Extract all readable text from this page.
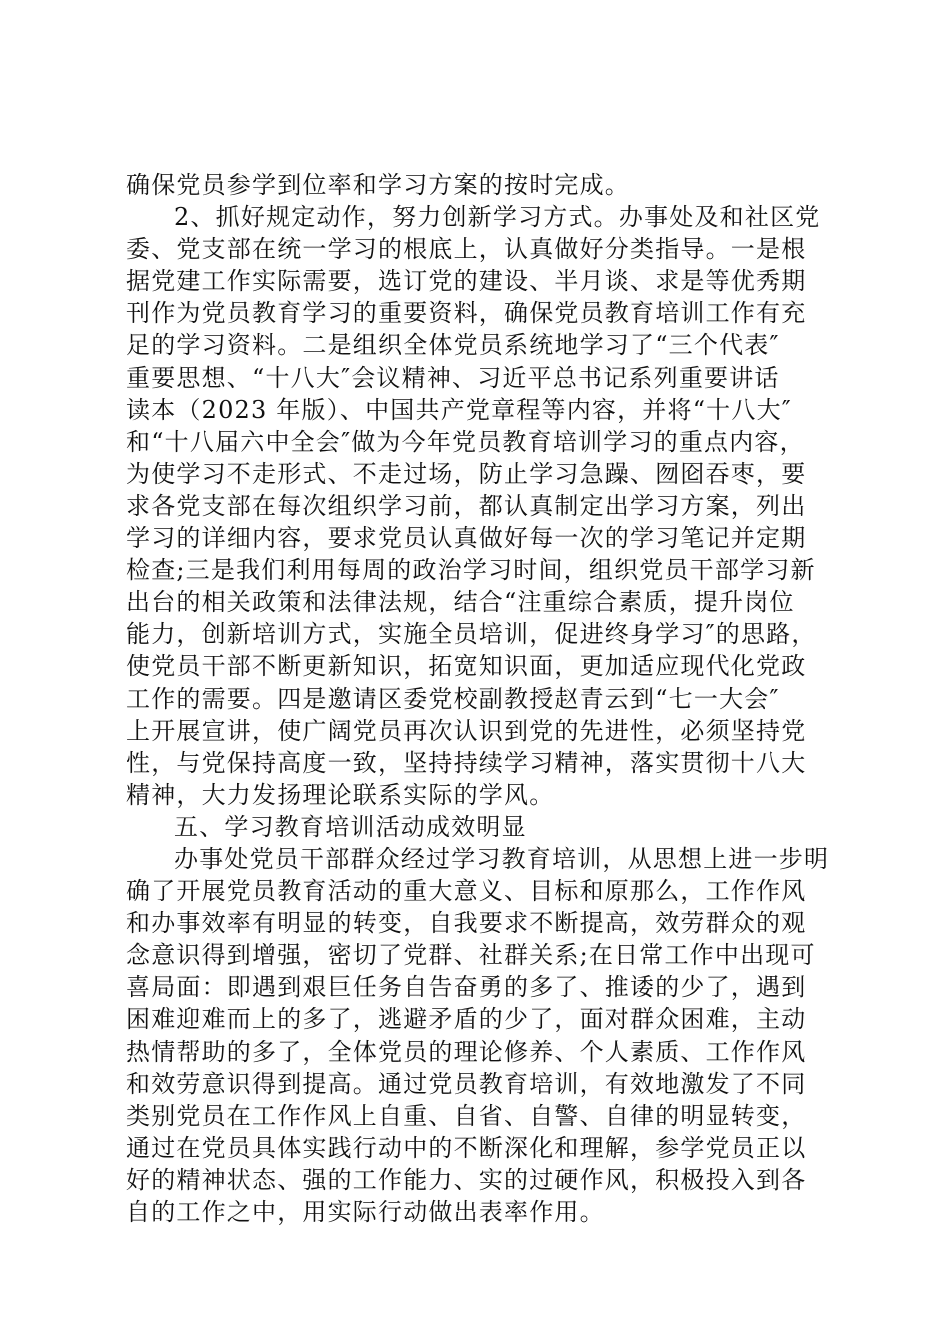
确保党员参学到位率和学习方案的按时完成。
2、抓好规定动作，努力创新学习方式。办事处及和社区党
委、党支部在统一学习的根底上，认真做好分类指导。一是根
据党建工作实际需要，选订党的建设、半月谈、求是等优秀期
刊作为党员教育学习的重要资料，确保党员教育培训工作有充
足的学习资料。二是组织全体党员系统地学习了“三个代表″
重要思想、“十八大″会议精神、习近平总书记系列重要讲话
读本（2023 年版）、中国共产党章程等内容，并将“十八大″
和“十八届六中全会″做为今年党员教育培训学习的重点内容，
为使学习不走形式、不走过场，防止学习急躁、囫囵吞枣，要
求各党支部在每次组织学习前，都认真制定出学习方案，列出
学习的详细内容，要求党员认真做好每一次的学习笔记并定期
检查;三是我们利用每周的政治学习时间，组织党员干部学习新
出台的相关政策和法律法规，结合“注重综合素质，提升岗位
能力，创新培训方式，实施全员培训，促进终身学习″的思路，
使党员干部不断更新知识，拓宽知识面，更加适应现代化党政
工作的需要。四是邀请区委党校副教授赵青云到“七一大会″
上开展宣讲，使广阔党员再次认识到党的先进性，必须坚持党
性，与党保持高度一致，坚持持续学习精神，落实贯彻十八大
精神，大力发扬理论联系实际的学风。
五、学习教育培训活动成效明显
办事处党员干部群众经过学习教育培训，从思想上进一步明
确了开展党员教育活动的重大意义、目标和原那么，工作作风
和办事效率有明显的转变，自我要求不断提高，效劳群众的观
念意识得到增强，密切了党群、社群关系;在日常工作中出现可
喜局面：即遇到艰巨任务自告奋勇的多了、推诿的少了，遇到
困难迎难而上的多了，逃避矛盾的少了，面对群众困难，主动
热情帮助的多了，全体党员的理论修养、个人素质、工作作风
和效劳意识得到提高。通过党员教育培训，有效地激发了不同
类别党员在工作作风上自重、自省、自警、自律的明显转变，
通过在党员具体实践行动中的不断深化和理解，参学党员正以
好的精神状态、强的工作能力、实的过硬作风，积极投入到各
自的工作之中，用实际行动做出表率作用。
